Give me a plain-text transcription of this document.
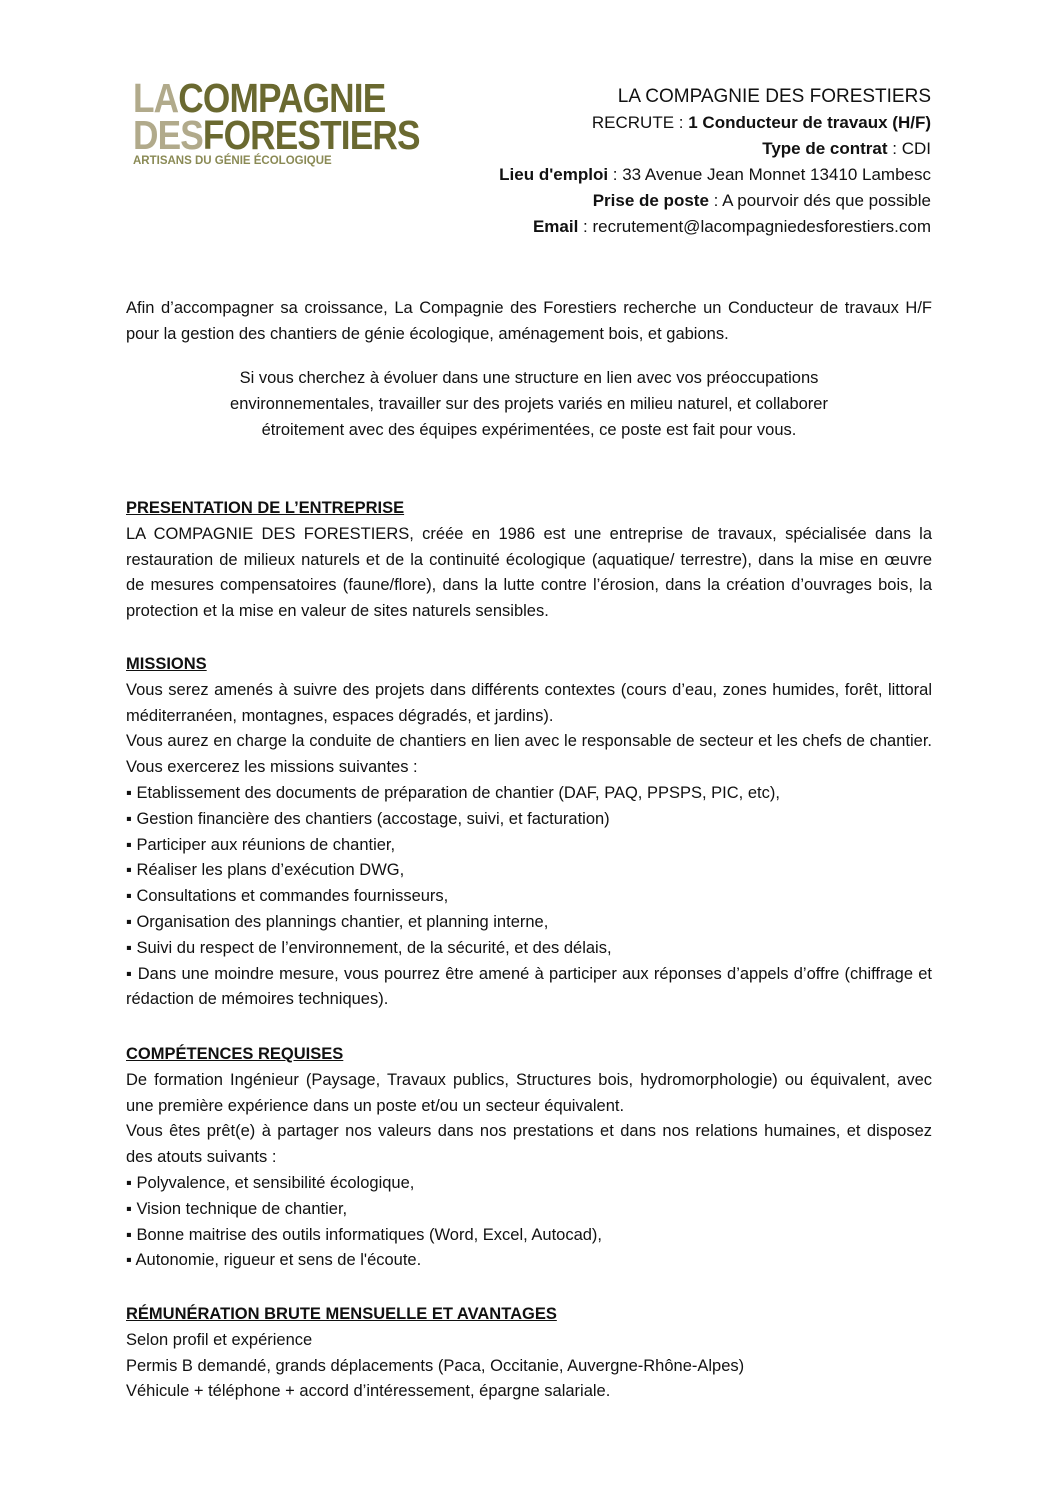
LACOMPAGNIE
DESFORESTIERS
ARTISANS DU GÉNIE ÉCOLOGIQUE
LA COMPAGNIE DES FORESTIERS
RECRUTE : 1 Conducteur de travaux (H/F)
Type de contrat : CDI
Lieu d'emploi : 33 Avenue Jean Monnet 13410 Lambesc
Prise de poste : A pourvoir dés que possible
Email : recrutement@lacompagniedesforestiers.com

Afin d’accompagner sa croissance, La Compagnie des Forestiers recherche un Conducteur de travaux H/F pour la gestion des chantiers de génie écologique, aménagement bois, et gabions.

Si vous cherchez à évoluer dans une structure en lien avec vos préoccupations

environnementales, travailler sur des projets variés en milieu naturel, et collaborer

étroitement avec des équipes expérimentées, ce poste est fait pour vous.

PRESENTATION DE L’ENTREPRISE

LA COMPAGNIE DES FORESTIERS, créée en 1986 est une entreprise de travaux, spécialisée dans la restauration de milieux naturels et de la continuité écologique (aquatique/ terrestre), dans la mise en œuvre de mesures compensatoires (faune/flore), dans la lutte contre l’érosion, dans la création d’ouvrages bois, la protection et la mise en valeur de sites naturels sensibles.

MISSIONS

Vous serez amenés à suivre des projets dans différents contextes (cours d’eau, zones humides, forêt, littoral méditerranéen, montagnes, espaces dégradés, et jardins).

Vous aurez en charge la conduite de chantiers en lien avec le responsable de secteur et les chefs de chantier. Vous exercerez les missions suivantes :

▪ Etablissement des documents de préparation de chantier (DAF, PAQ, PPSPS, PIC, etc),
▪ Gestion financière des chantiers (accostage, suivi, et facturation)
▪ Participer aux réunions de chantier,
▪ Réaliser les plans d’exécution DWG,
▪ Consultations et commandes fournisseurs,
▪ Organisation des plannings chantier, et planning interne,
▪ Suivi du respect de l’environnement, de la sécurité, et des délais,
▪ Dans une moindre mesure, vous pourrez être amené à participer aux réponses d’appels d’offre (chiffrage et rédaction de mémoires techniques).

COMPÉTENCES REQUISES

De formation Ingénieur (Paysage, Travaux publics, Structures bois, hydromorphologie) ou équivalent, avec une première expérience dans un poste et/ou un secteur équivalent.

Vous êtes prêt(e) à partager nos valeurs dans nos prestations et dans nos relations humaines, et disposez des atouts suivants :

▪ Polyvalence, et sensibilité écologique,
▪ Vision technique de chantier,
▪ Bonne maitrise des outils informatiques (Word, Excel, Autocad),
▪ Autonomie, rigueur et sens de l'écoute.

RÉMUNÉRATION BRUTE MENSUELLE ET AVANTAGES

Selon profil et expérience

Permis B demandé, grands déplacements (Paca, Occitanie, Auvergne-Rhône-Alpes)

Véhicule + téléphone + accord d’intéressement, épargne salariale.
